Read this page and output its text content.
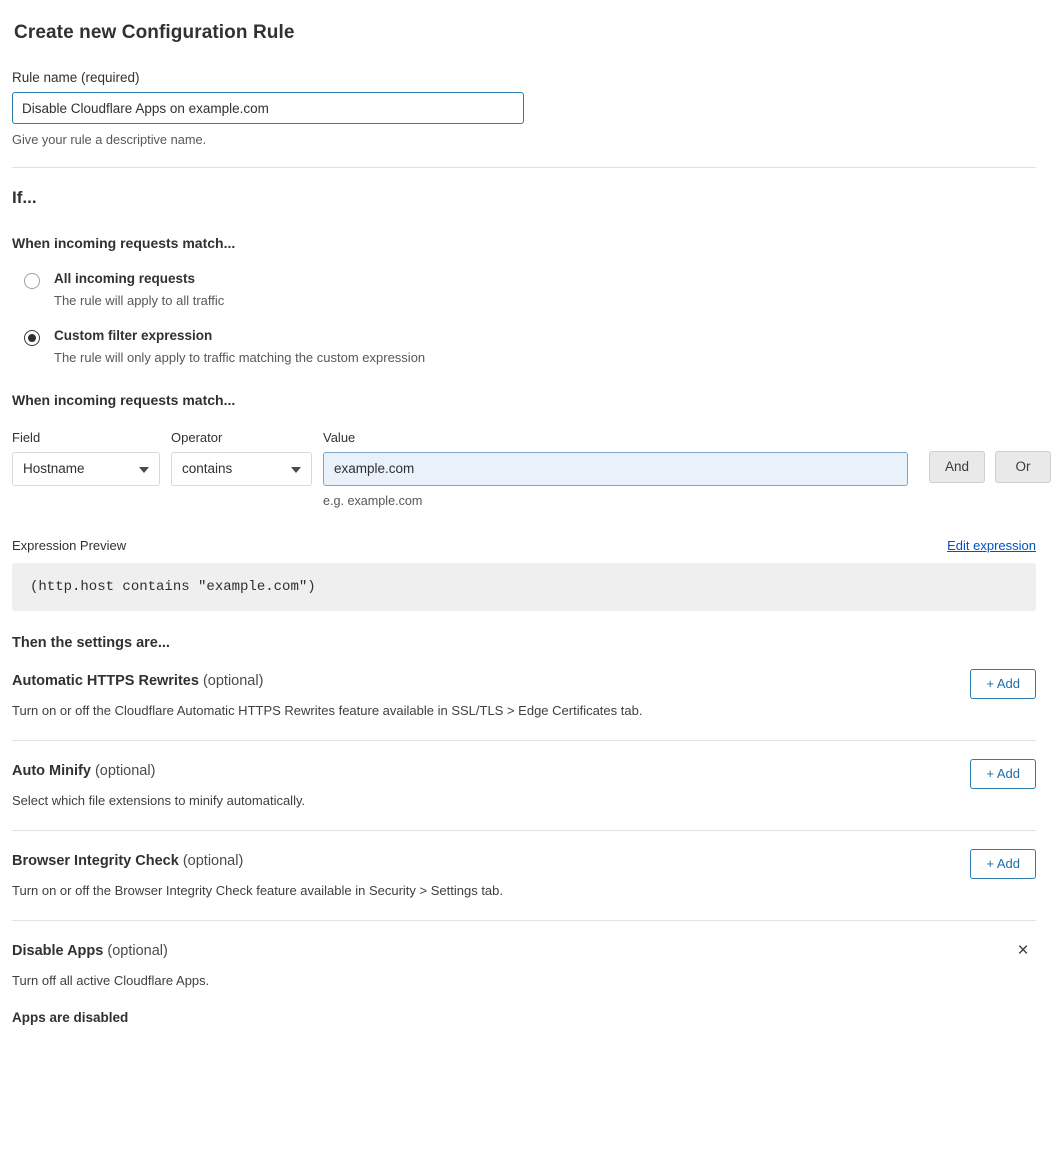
Create new Configuration Rule
Rule name (required)
Disable Cloudflare Apps on example.com
Give your rule a descriptive name.
If...
When incoming requests match...
All incoming requests
The rule will apply to all traffic
Custom filter expression
The rule will only apply to traffic matching the custom expression
When incoming requests match...
Field
Hostname
Operator
contains
Value
example.com
e.g. example.com
And	Or
Expression Preview	Edit expression
(http.host contains "example.com")
Then the settings are...
Automatic HTTPS Rewrites (optional)
Turn on or off the Cloudflare Automatic HTTPS Rewrites feature available in SSL/TLS > Edge Certificates tab.
+ Add
Auto Minify (optional)
Select which file extensions to minify automatically.
+ Add
Browser Integrity Check (optional)
Turn on or off the Browser Integrity Check feature available in Security > Settings tab.
+ Add
Disable Apps (optional)
Turn off all active Cloudflare Apps.
Apps are disabled
×
